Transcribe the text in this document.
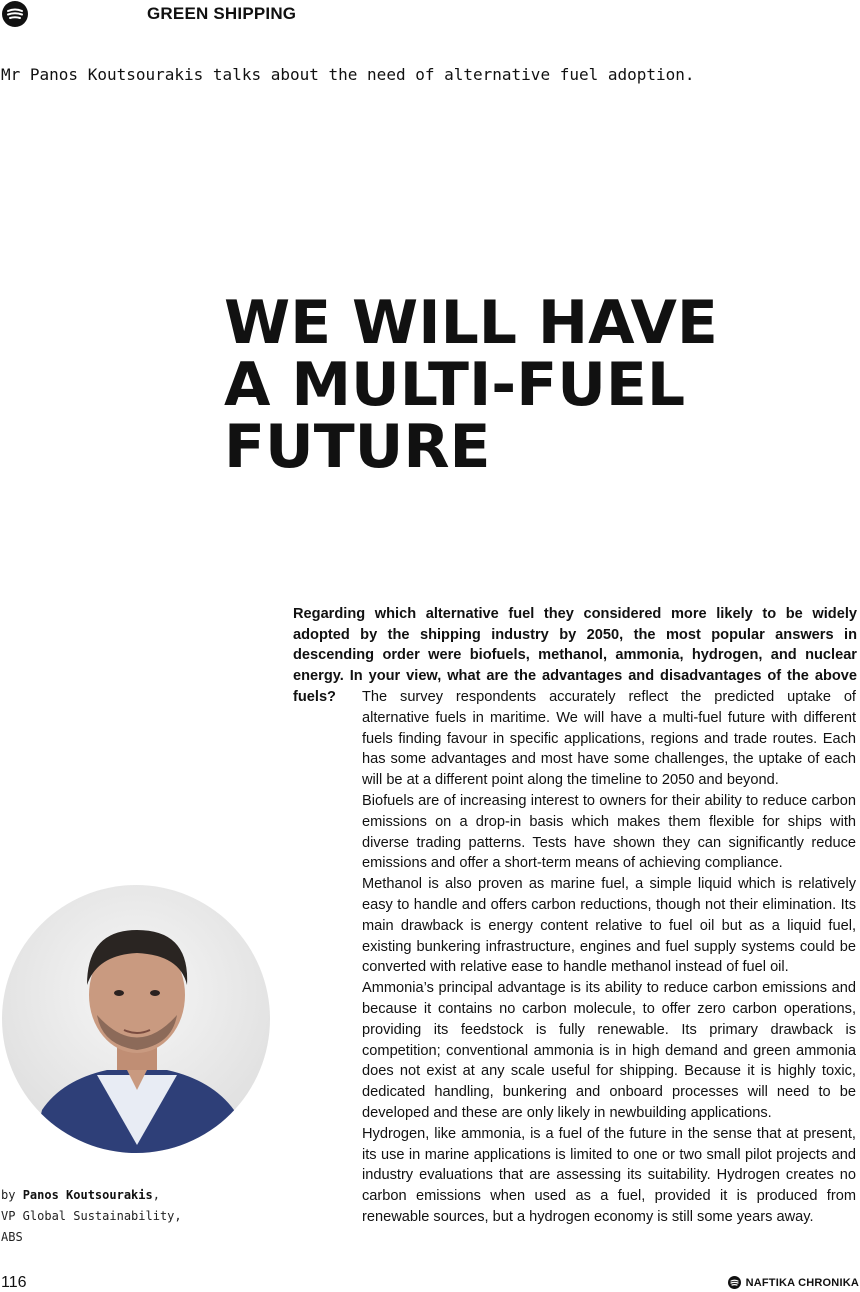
GREEN SHIPPING
Mr Panos Koutsourakis talks about the need of alternative fuel adoption.
WE WILL HAVE
A MULTI-FUEL
FUTURE
Regarding which alternative fuel they considered more likely to be widely adopted by the shipping industry by 2050, the most popular answers in descending order were biofuels, methanol, ammonia, hydrogen, and nuclear energy. In your view, what are the advantages and disadvantages of the above fuels?	The survey respondents accurately reflect the predicted uptake of alternative fuels in maritime. We will have a multi-fuel future with different fuels finding favour in specific applications, regions and trade routes. Each has some advantages and most have some challenges, the uptake of each will be at a different point along the timeline to 2050 and beyond.

Biofuels are of increasing interest to owners for their ability to reduce carbon emissions on a drop-in basis which makes them flexible for ships with diverse trading patterns. Tests have shown they can significantly reduce emissions and offer a short-term means of achieving compliance.

Methanol is also proven as marine fuel, a simple liquid which is relatively easy to handle and offers carbon reductions, though not their elimination. Its main drawback is energy content relative to fuel oil but as a liquid fuel, existing bunkering infrastructure, engines and fuel supply systems could be converted with relative ease to handle methanol instead of fuel oil.

Ammonia’s principal advantage is its ability to reduce carbon emissions and because it contains no carbon molecule, to offer zero carbon operations, providing its feedstock is fully renewable. Its primary drawback is competition; conventional ammonia is in high demand and green ammonia does not exist at any scale useful for shipping. Because it is highly toxic, dedicated handling, bunkering and onboard processes will need to be developed and these are only likely in newbuilding applications.

Hydrogen, like ammonia, is a fuel of the future in the sense that at present, its use in marine applications is limited to one or two small pilot projects and industry evaluations that are assessing its suitability. Hydrogen creates no carbon emissions when used as a fuel, provided it is produced from renewable sources, but a hydrogen economy is still some years away.

by Panos Koutsourakis,
VP Global Sustainability,
ABS
116	NAFTIKA CHRONIKA
